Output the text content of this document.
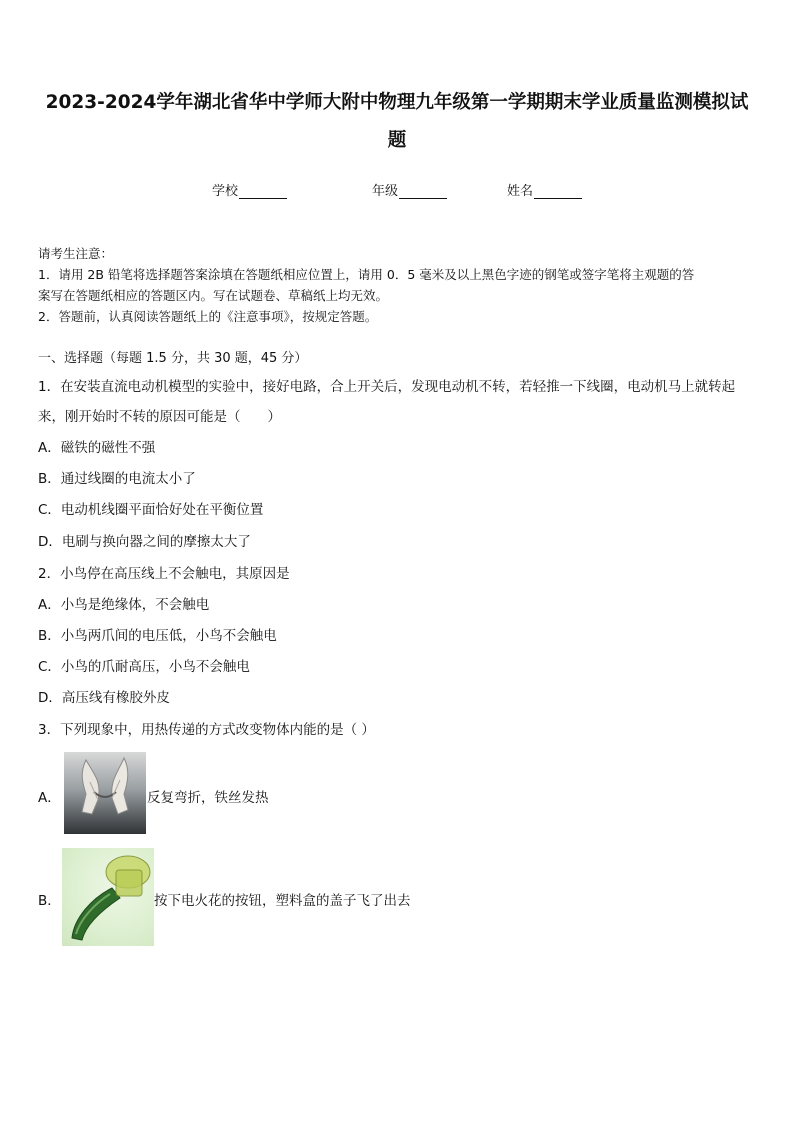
2023-2024学年湖北省华中学师大附中物理九年级第一学期期末学业质量监测模拟试
题
学校	年级	姓名
请考生注意：
1．请用 2B 铅笔将选择题答案涂填在答题纸相应位置上，请用 0．5 毫米及以上黑色字迹的钢笔或签字笔将主观题的答
案写在答题纸相应的答题区内。写在试题卷、草稿纸上均无效。
2．答题前，认真阅读答题纸上的《注意事项》，按规定答题。
一、选择题（每题 1.5 分，共 30 题，45 分）
1．在安装直流电动机模型的实验中，接好电路，合上开关后，发现电动机不转，若轻推一下线圈，电动机马上就转起
来，刚开始时不转的原因可能是（　　）
A．磁铁的磁性不强
B．通过线圈的电流太小了
C．电动机线圈平面恰好处在平衡位置
D．电刷与换向器之间的摩擦太大了
2．小鸟停在高压线上不会触电，其原因是
A．小鸟是绝缘体，不会触电
B．小鸟两爪间的电压低，小鸟不会触电
C．小鸟的爪耐高压，小鸟不会触电
D．高压线有橡胶外皮
3．下列现象中，用热传递的方式改变物体内能的是（ ）
A．	反复弯折，铁丝发热
B．	按下电火花的按钮，塑料盒的盖子飞了出去
